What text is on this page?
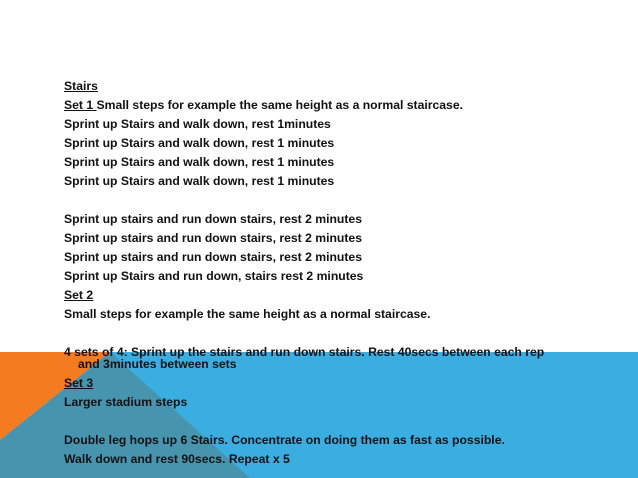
Stairs
Set 1 Small steps for example the same height as a normal staircase.
Sprint up Stairs and walk down, rest 1minutes
Sprint up Stairs and walk down, rest 1 minutes
Sprint up Stairs and walk down, rest 1 minutes
Sprint up Stairs and walk down, rest 1 minutes
Sprint up stairs and run down stairs, rest 2 minutes
Sprint up stairs and run down stairs, rest 2 minutes
Sprint up stairs and run down stairs, rest 2 minutes
Sprint up Stairs and run down, stairs rest 2 minutes
Set 2
Small steps for example the same height as a normal staircase.
4 sets of 4: Sprint up the stairs and run down stairs. Rest 40secs between each rep
and 3minutes between sets
Set 3
Larger stadium steps
Double leg hops up 6 Stairs. Concentrate on doing them as fast as possible.
Walk down and rest 90secs. Repeat x 5
